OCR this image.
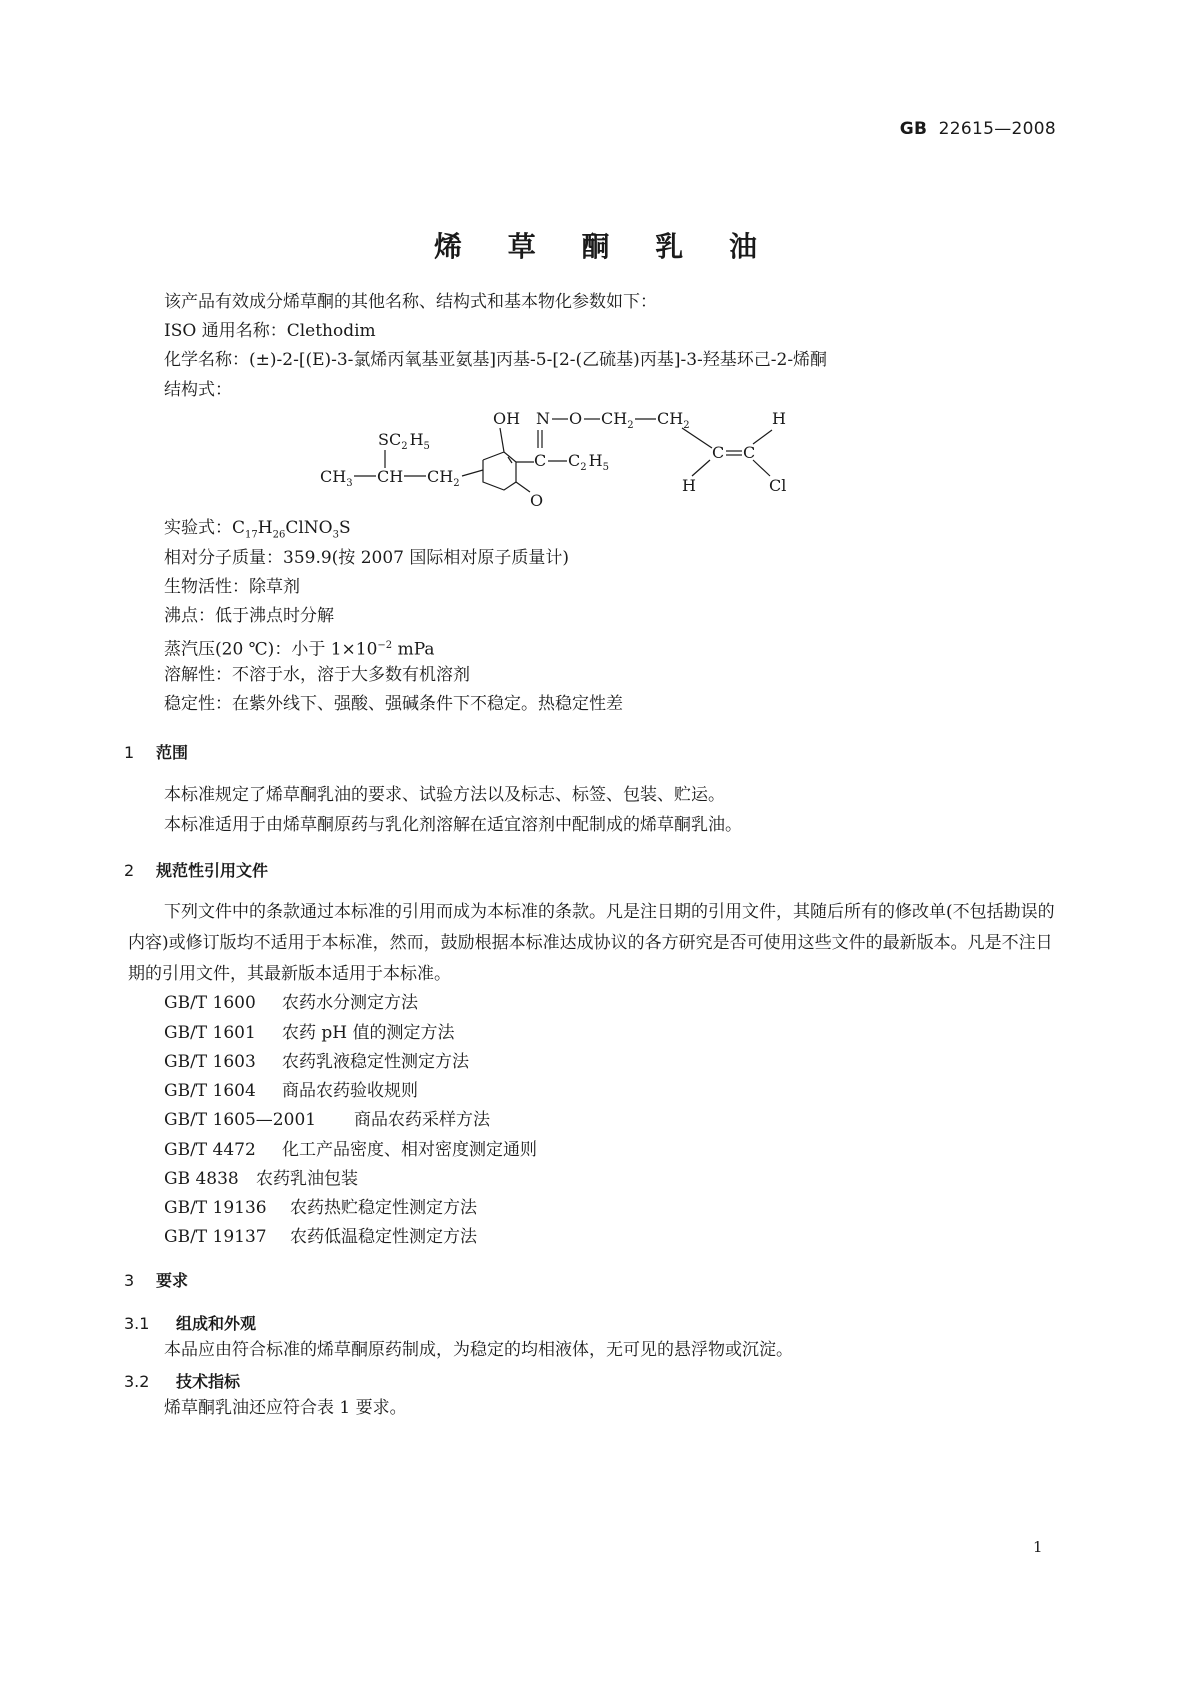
GB 22615—2008
烯 草 酮 乳 油
该产品有效成分烯草酮的其他名称、结构式和基本物化参数如下：
ISO 通用名称：Clethodim
化学名称：(±)-2-[(E)-3-氯烯丙氧基亚氨基]丙基-5-[2-(乙硫基)丙基]-3-羟基环己-2-烯酮
结构式：
OH N O $CH_2$ $CH_2$	H
$SC_2$ $H_5$
O
C $C_2$ $H_5$
$CH_3$ CH $CH_2$
C C
H	Cl
实验式：$C_{17}H_{26}ClNO_3S$
相对分子质量：359.9(按 2007 国际相对原子质量计)
生物活性：除草剂
沸点：低于沸点时分解
蒸汽压(20 ℃)：小于 $1\times 10^{-2}$ mPa
溶解性：不溶于水，溶于大多数有机溶剂
稳定性：在紫外线下、强酸、强碱条件下不稳定。热稳定性差
1 范围
本标准规定了烯草酮乳油的要求、试验方法以及标志、标签、包装、贮运。
本标准适用于由烯草酮原药与乳化剂溶解在适宜溶剂中配制成的烯草酮乳油。
2 规范性引用文件
下列文件中的条款通过本标准的引用而成为本标准的条款。凡是注日期的引用文件，其随后所有的修改单(不包括勘误的内容)或修订版均不适用于本标准，然而，鼓励根据本标准达成协议的各方研究是否可使用这些文件的最新版本。凡是不注日期的引用文件，其最新版本适用于本标准。
GB/T 1600 农药水分测定方法
GB/T 1601 农药 pH 值的测定方法
GB/T 1603 农药乳液稳定性测定方法
GB/T 1604 商品农药验收规则
GB/T 1605—2001 商品农药采样方法
GB/T 4472 化工产品密度、相对密度测定通则
GB 4838 农药乳油包装
GB/T 19136 农药热贮稳定性测定方法
GB/T 19137 农药低温稳定性测定方法
3 要求
3.1 组成和外观
本品应由符合标准的烯草酮原药制成，为稳定的均相液体，无可见的悬浮物或沉淀。
3.2 技术指标
烯草酮乳油还应符合表 1 要求。
1
